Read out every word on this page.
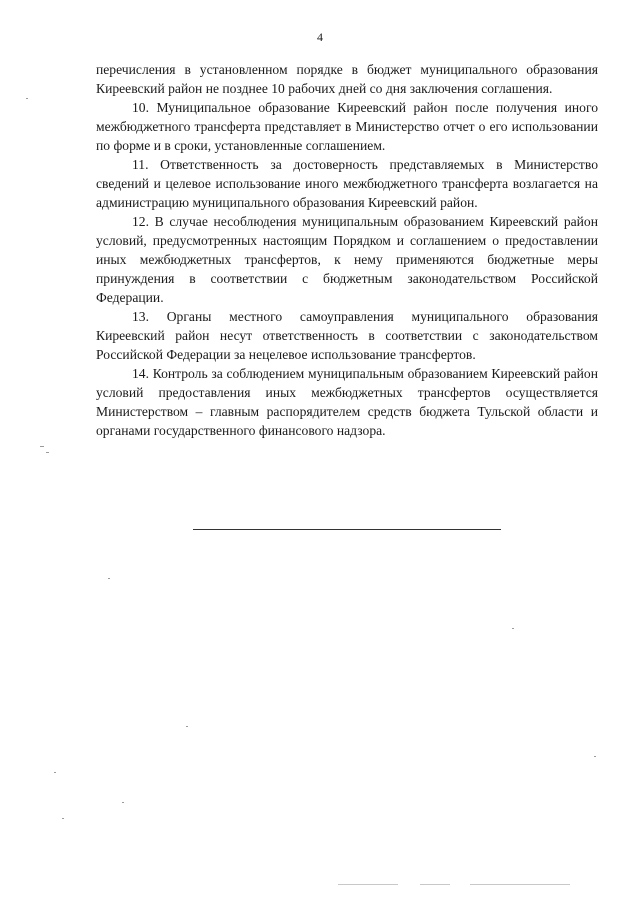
4

перечисления в установленном порядке в бюджет муниципального образования Киреевский район не позднее 10 рабочих дней со дня заключения соглашения.

10. Муниципальное образование Киреевский район после получения иного межбюджетного трансферта представляет в Министерство отчет о его использовании по форме и в сроки, установленные соглашением.

11. Ответственность за достоверность представляемых в Министерство сведений и целевое использование иного межбюджетного трансферта возлагается на администрацию муниципального образования Киреевский район.

12. В случае несоблюдения муниципальным образованием Киреевский район условий, предусмотренных настоящим Порядком и соглашением о предоставлении иных межбюджетных трансфертов, к нему применяются бюджетные меры принуждения в соответствии с бюджетным законодательством Российской Федерации.

13. Органы местного самоуправления муниципального образования Киреевский район несут ответственность в соответствии с законодательством Российской Федерации за нецелевое использование трансфертов.

14. Контроль за соблюдением муниципальным образованием Киреевский район условий предоставления иных межбюджетных трансфертов осуществляется Министерством – главным распорядителем средств бюджета Тульской области и органами государственного финансового надзора.
